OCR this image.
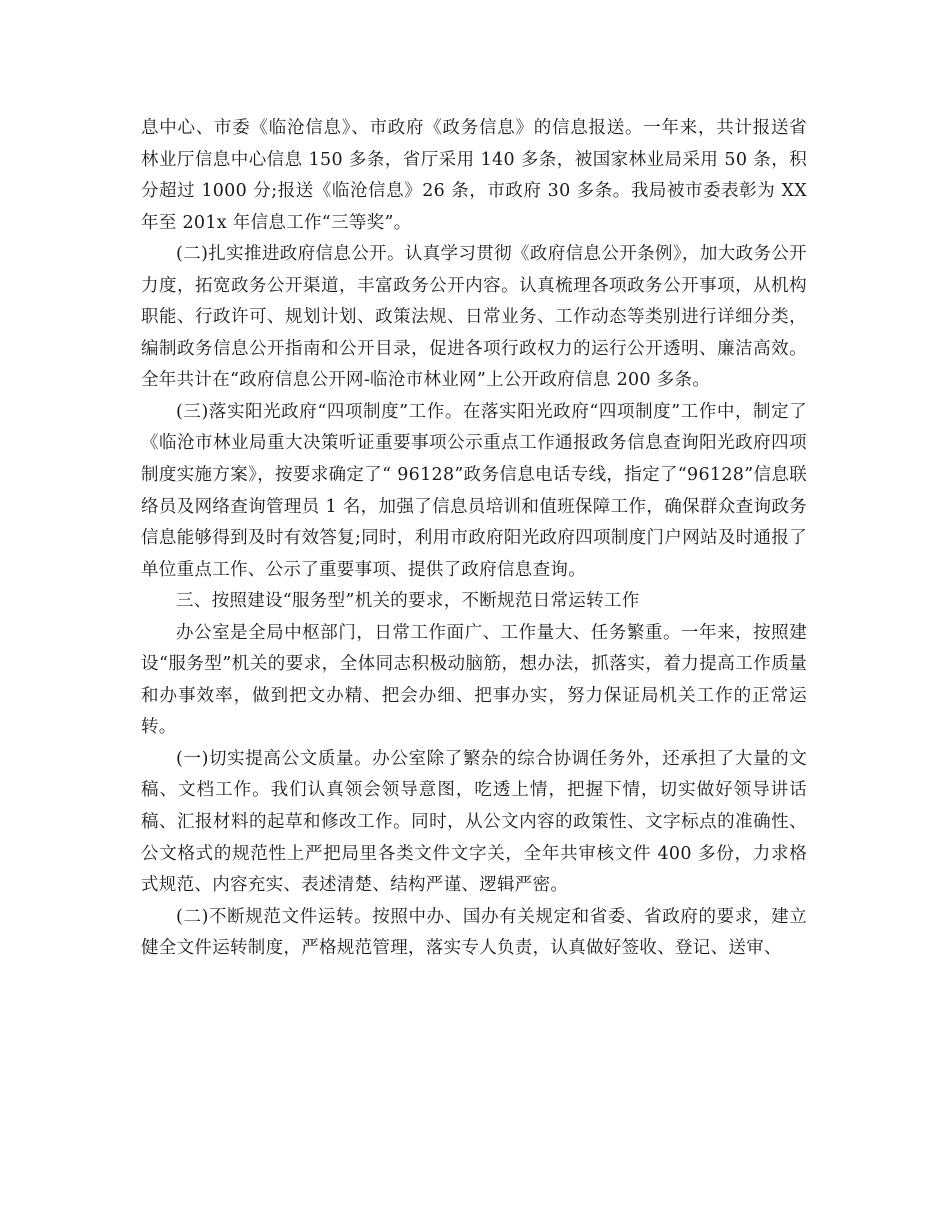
息中心、市委《临沧信息》、市政府《政务信息》的信息报送。一年来，共计报送省林业厅信息中心信息 150 多条，省厅采用 140 多条，被国家林业局采用 50 条，积分超过 1000 分;报送《临沧信息》26 条，市政府 30 多条。我局被市委表彰为 XX 年至 201x 年信息工作“三等奖”。

(二)扎实推进政府信息公开。认真学习贯彻《政府信息公开条例》，加大政务公开力度，拓宽政务公开渠道，丰富政务公开内容。认真梳理各项政务公开事项，从机构职能、行政许可、规划计划、政策法规、日常业务、工作动态等类别进行详细分类，编制政务信息公开指南和公开目录，促进各项行政权力的运行公开透明、廉洁高效。全年共计在“政府信息公开网-临沧市林业网”上公开政府信息 200 多条。

(三)落实阳光政府“四项制度”工作。在落实阳光政府“四项制度”工作中，制定了《临沧市林业局重大决策听证重要事项公示重点工作通报政务信息查询阳光政府四项制度实施方案》，按要求确定了“ 96128”政务信息电话专线，指定了“96128”信息联络员及网络查询管理员 1 名，加强了信息员培训和值班保障工作，确保群众查询政务信息能够得到及时有效答复;同时，利用市政府阳光政府四项制度门户网站及时通报了单位重点工作、公示了重要事项、提供了政府信息查询。

三、按照建设“服务型”机关的要求，不断规范日常运转工作

办公室是全局中枢部门，日常工作面广、工作量大、任务繁重。一年来，按照建设“服务型”机关的要求，全体同志积极动脑筋，想办法，抓落实，着力提高工作质量和办事效率，做到把文办精、把会办细、把事办实，努力保证局机关工作的正常运转。

(一)切实提高公文质量。办公室除了繁杂的综合协调任务外，还承担了大量的文稿、文档工作。我们认真领会领导意图，吃透上情，把握下情，切实做好领导讲话稿、汇报材料的起草和修改工作。同时，从公文内容的政策性、文字标点的准确性、公文格式的规范性上严把局里各类文件文字关，全年共审核文件 400 多份，力求格式规范、内容充实、表述清楚、结构严谨、逻辑严密。

(二)不断规范文件运转。按照中办、国办有关规定和省委、省政府的要求，建立健全文件运转制度，严格规范管理，落实专人负责，认真做好签收、登记、送审、
